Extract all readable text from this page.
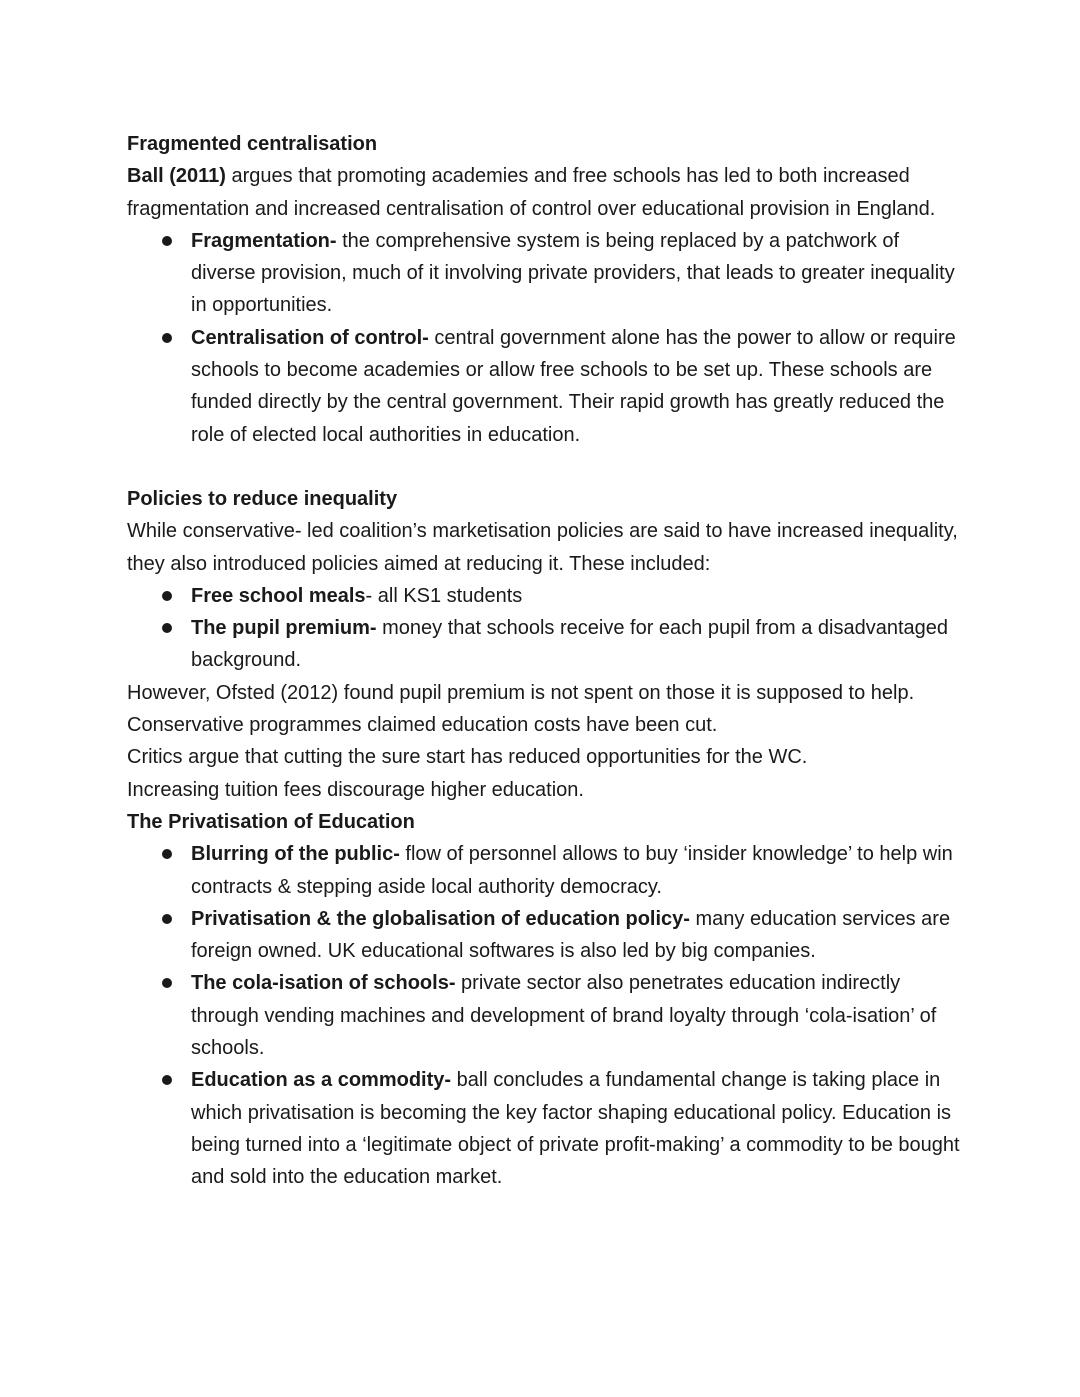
Fragmented centralisation

Ball (2011) argues that promoting academies and free schools has led to both increased fragmentation and increased centralisation of control over educational provision in England.

Fragmentation- the comprehensive system is being replaced by a patchwork of diverse provision, much of it involving private providers, that leads to greater inequality in opportunities.
Centralisation of control- central government alone has the power to allow or require schools to become academies or allow free schools to be set up. These schools are funded directly by the central government. Their rapid growth has greatly reduced the role of elected local authorities in education.

Policies to reduce inequality

While conservative- led coalition’s marketisation policies are said to have increased inequality, they also introduced policies aimed at reducing it. These included:

Free school meals- all KS1 students
The pupil premium- money that schools receive for each pupil from a disadvantaged background.

However, Ofsted (2012) found pupil premium is not spent on those it is supposed to help.

Conservative programmes claimed education costs have been cut.

Critics argue that cutting the sure start has reduced opportunities for the WC.

Increasing tuition fees discourage higher education.

The Privatisation of Education

Blurring of the public- flow of personnel allows to buy ‘insider knowledge’ to help win contracts & stepping aside local authority democracy.
Privatisation & the globalisation of education policy- many education services are foreign owned. UK educational softwares is also led by big companies.
The cola-isation of schools- private sector also penetrates education indirectly through vending machines and development of brand loyalty through ‘cola-isation’ of schools.
Education as a commodity- ball concludes a fundamental change is taking place in which privatisation is becoming the key factor shaping educational policy. Education is being turned into a ‘legitimate object of private profit-making’ a commodity to be bought and sold into the education market.
